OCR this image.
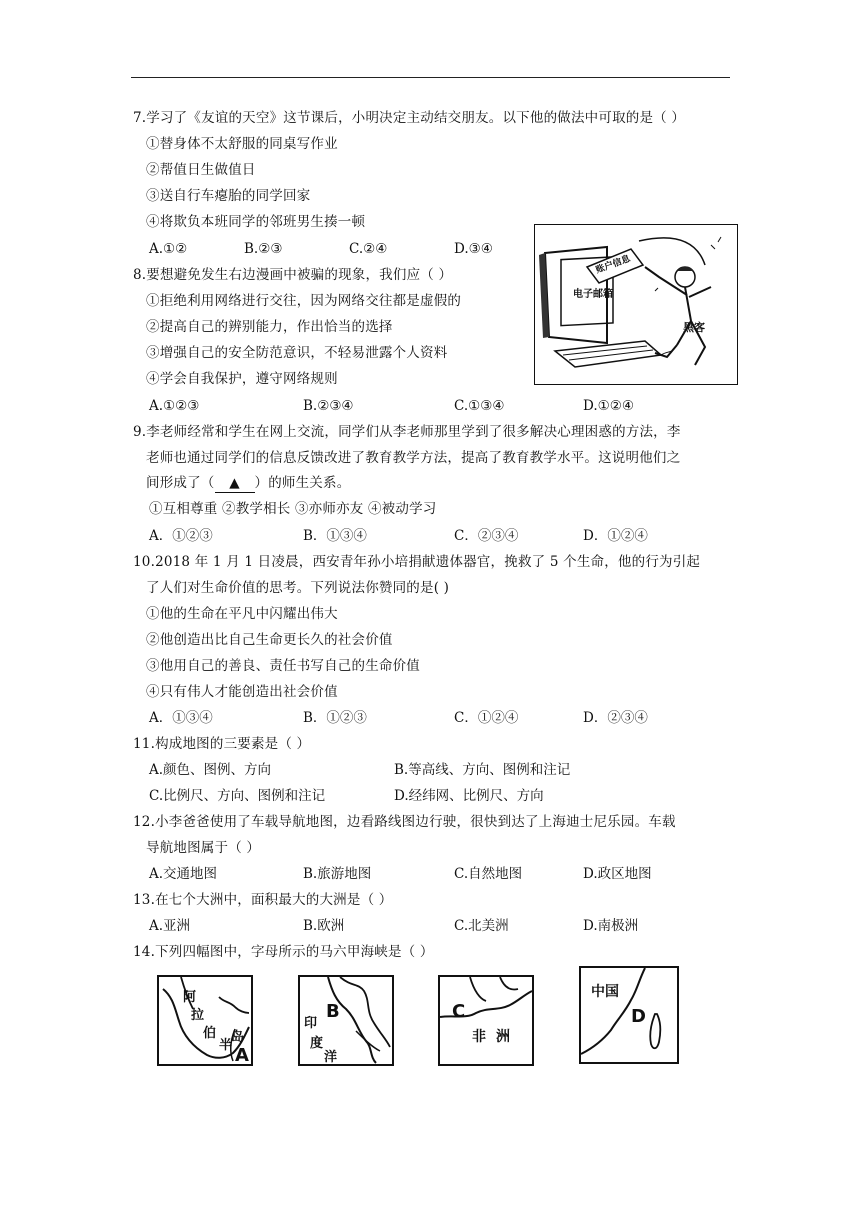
7.学习了《友谊的天空》这节课后，小明决定主动结交朋友。以下他的做法中可取的是（ ）
①替身体不太舒服的同桌写作业
②帮值日生做值日
③送自行车瘪胎的同学回家
④将欺负本班同学的邻班男生揍一顿
A.①②	B.②③	C.②④	D.③④
8.要想避免发生右边漫画中被骗的现象，我们应（ ）
①拒绝利用网络进行交往，因为网络交往都是虚假的
②提高自己的辨别能力，作出恰当的选择
③增强自己的安全防范意识，不轻易泄露个人资料
④学会自我保护，遵守网络规则
A.①②③	B.②③④	C.①③④	D.①②④
账户信息
电子邮箱
黑客
9.李老师经常和学生在网上交流，同学们从李老师那里学到了很多解决心理困惑的方法，李
老师也通过同学们的信息反馈改进了教育教学方法，提高了教育教学水平。这说明他们之
间形成了（ ▲ ）的师生关系。
①互相尊重 ②教学相长 ③亦师亦友 ④被动学习
A．①②③	B．①③④	C．②③④	D．①②④
10.2018 年 1 月 1 日凌晨，西安青年孙小培捐献遗体器官，挽救了 5 个生命，他的行为引起
了人们对生命价值的思考。下列说法你赞同的是( )
①他的生命在平凡中闪耀出伟大
②他创造出比自己生命更长久的社会价值
③他用自己的善良、责任书写自己的生命价值
④只有伟人才能创造出社会价值
A．①③④	B．①②③	C．①②④	D．②③④
11.构成地图的三要素是（ ）
A.颜色、图例、方向	B.等高线、方向、图例和注记
C.比例尺、方向、图例和注记	D.经纬网、比例尺、方向
12.小李爸爸使用了车载导航地图，边看路线图边行驶，很快到达了上海迪士尼乐园。车载
导航地图属于（ ）
A.交通地图	B.旅游地图	C.自然地图	D.政区地图
13.在七个大洲中，面积最大的大洲是（ ）
A.亚洲	B.欧洲	C.北美洲	D.南极洲
14.下列四幅图中，字母所示的马六甲海峡是（ ）
阿
拉
伯
半
岛
A
印
度
洋
B
非 洲
C
中国
D
